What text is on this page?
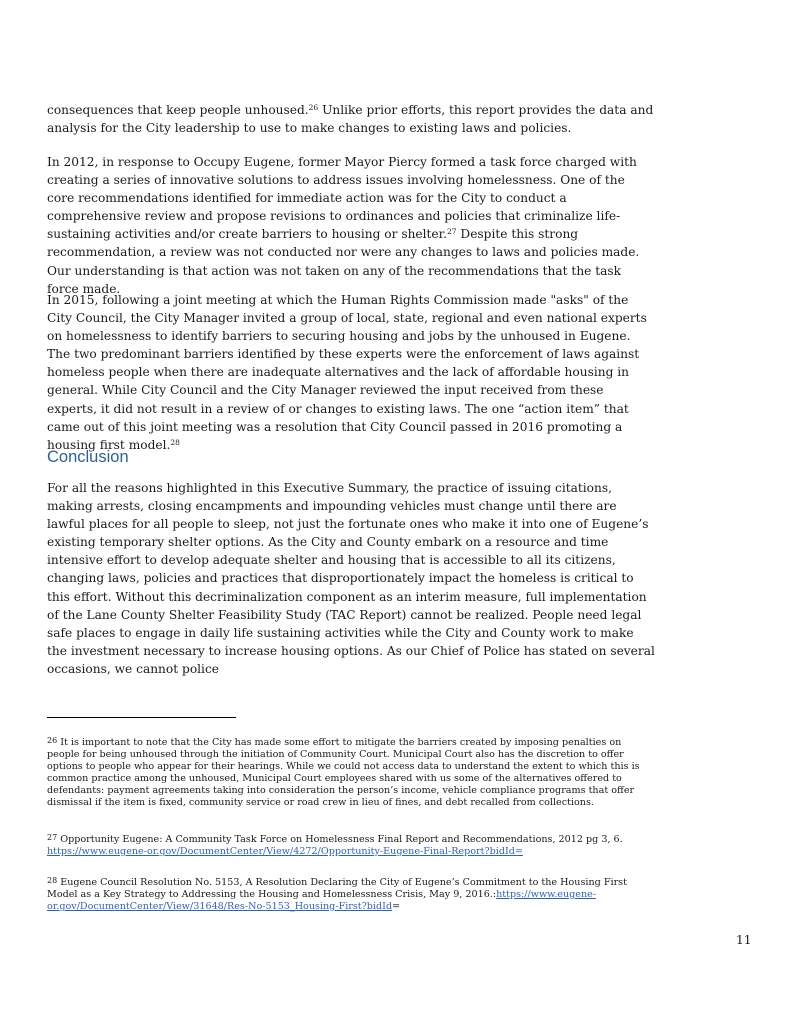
consequences that keep people unhoused.$^{26}$ Unlike prior efforts, this report provides the data and analysis for the City leadership to use to make changes to existing laws and policies.

In 2012, in response to Occupy Eugene, former Mayor Piercy formed a task force charged with creating a series of innovative solutions to address issues involving homelessness. One of the core recommendations identified for immediate action was for the City to conduct a comprehensive review and propose revisions to ordinances and policies that criminalize life-sustaining activities and/or create barriers to housing or shelter.$^{27}$ Despite this strong recommendation, a review was not conducted nor were any changes to laws and policies made. Our understanding is that action was not taken on any of the recommendations that the task force made.

In 2015, following a joint meeting at which the Human Rights Commission made "asks" of the City Council, the City Manager invited a group of local, state, regional and even national experts on homelessness to identify barriers to securing housing and jobs by the unhoused in Eugene. The two predominant barriers identified by these experts were the enforcement of laws against homeless people when there are inadequate alternatives and the lack of affordable housing in general. While City Council and the City Manager reviewed the input received from these experts, it did not result in a review of or changes to existing laws. The one “action item” that came out of this joint meeting was a resolution that City Council passed in 2016 promoting a housing first model.$^{28}$

Conclusion

For all the reasons highlighted in this Executive Summary, the practice of issuing citations, making arrests, closing encampments and impounding vehicles must change until there are lawful places for all people to sleep, not just the fortunate ones who make it into one of Eugene’s existing temporary shelter options. As the City and County embark on a resource and time intensive effort to develop adequate shelter and housing that is accessible to all its citizens, changing laws, policies and practices that disproportionately impact the homeless is critical to this effort. Without this decriminalization component as an interim measure, full implementation of the Lane County Shelter Feasibility Study (TAC Report) cannot be realized. People need legal safe places to engage in daily life sustaining activities while the City and County work to make the investment necessary to increase housing options. As our Chief of Police has stated on several occasions, we cannot police

$^{26}$ It is important to note that the City has made some effort to mitigate the barriers created by imposing penalties on people for being unhoused through the initiation of Community Court. Municipal Court also has the discretion to offer options to people who appear for their hearings. While we could not access data to understand the extent to which this is common practice among the unhoused, Municipal Court employees shared with us some of the alternatives offered to defendants: payment agreements taking into consideration the person’s income, vehicle compliance programs that offer dismissal if the item is fixed, community service or road crew in lieu of fines, and debt recalled from collections.

$^{27}$ Opportunity Eugene: A Community Task Force on Homelessness Final Report and Recommendations, 2012 pg 3, 6. https://www.eugene-or.gov/DocumentCenter/View/4272/Opportunity-Eugene-Final-Report?bidId=

$^{28}$ Eugene Council Resolution No. 5153, A Resolution Declaring the City of Eugene’s Commitment to the Housing First Model as a Key Strategy to Addressing the Housing and Homelessness Crisis, May 9, 2016.:https://www.eugene-or.gov/DocumentCenter/View/31648/Res-No-5153_Housing-First?bidId=

11
